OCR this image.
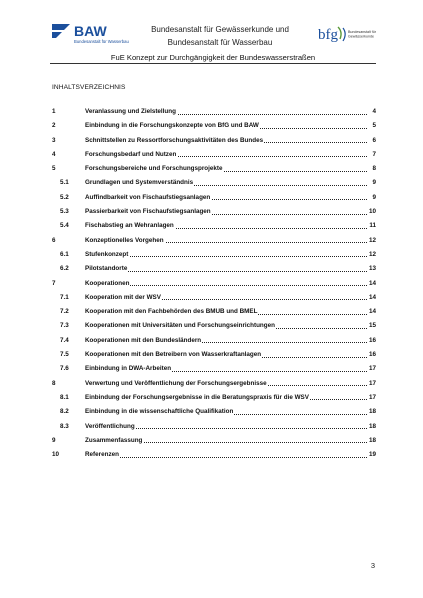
BAW
Bundesanstalt für Wasserbau
Bundesanstalt für Gewässerkunde und
Bundesanstalt für Wasserbau	bfg	Bundesanstalt für
Gewässerkunde
FuE Konzept zur Durchgängigkeit der Bundeswasserstraßen
INHALTSVERZEICHNIS
1	Veranlassung und Zielstellung	4
2	Einbindung in die Forschungskonzepte von BfG und BAW	5
3	Schnittstellen zu Ressortforschungsaktivitäten des Bundes	6
4	Forschungsbedarf und Nutzen	7
5	Forschungsbereiche und Forschungsprojekte	8
5.1	Grundlagen und Systemverständnis	9
5.2	Auffindbarkeit von Fischaufstiegsanlagen	9
5.3	Passierbarkeit von Fischaufstiegsanlagen	10
5.4	Fischabstieg an Wehranlagen	11
6	Konzeptionelles Vorgehen	12
6.1	Stufenkonzept	12
6.2	Pilotstandorte	13
7	Kooperationen	14
7.1	Kooperation mit der WSV	14
7.2	Kooperation mit den Fachbehörden des BMUB und BMEL	14
7.3	Kooperationen mit Universitäten und Forschungseinrichtungen	15
7.4	Kooperationen mit den Bundesländern	16
7.5	Kooperationen mit den Betreibern von Wasserkraftanlagen	16
7.6	Einbindung in DWA-Arbeiten	17
8	Verwertung und Veröffentlichung der Forschungsergebnisse	17
8.1	Einbindung der Forschungsergebnisse in die Beratungspraxis für die WSV	17
8.2	Einbindung in die wissenschaftliche Qualifikation	18
8.3	Veröffentlichung	18
9	Zusammenfassung	18
10	Referenzen	19
3
